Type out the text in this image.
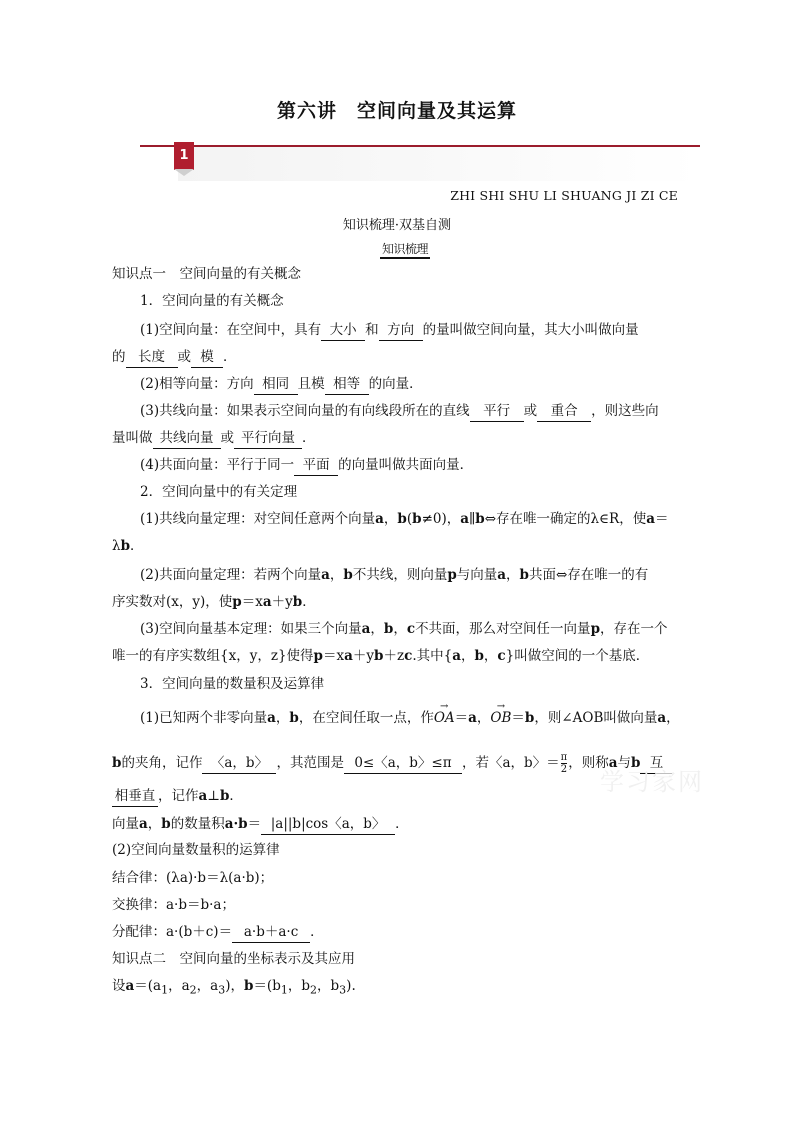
第六讲　空间向量及其运算
1
ZHI SHI SHU LI SHUANG JI ZI CE
知识梳理·双基自测
知识梳理
知识点一　空间向量的有关概念
1．空间向量的有关概念
(1)空间向量：在空间中，具有 大小 和 方向 的量叫做空间向量，其大小叫做向量
的 长度 或 模 ．
(2)相等向量：方向 相同 且模 相等 的向量．
(3)共线向量：如果表示空间向量的有向线段所在的直线 平行 或 重合 ，则这些向
量叫做 共线向量 或 平行向量 ．
(4)共面向量：平行于同一 平面 的向量叫做共面向量．
2．空间向量中的有关定理
(1)共线向量定理：对空间任意两个向量a，b(b≠0)，a∥b⇔存在唯一确定的λ∈R，使a＝
λb．
(2)共面向量定理：若两个向量a，b不共线，则向量p与向量a，b共面⇔存在唯一的有
序实数对(x，y)，使p＝xa＋yb．
(3)空间向量基本定理：如果三个向量a，b，c不共面，那么对空间任一向量p，存在一个
唯一的有序实数组{x，y，z}使得p＝xa＋yb＋zc.其中{a，b，c}叫做空间的一个基底．
3．空间向量的数量积及运算律
(1)已知两个非零向量a，b，在空间任取一点，作→ OA＝a，→ OB＝b，则∠AOB叫做向量a，
b的夹角，记作 〈a，b〉 ，其范围是 0≤〈a，b〉≤π ，若〈a，b〉＝ $\frac{\pi}{2}$ ，则称a与b 互
相垂直 ，记作a⊥b．
向量a，b的数量积a·b＝ |a||b|cos〈a，b〉 ．
(2)空间向量数量积的运算律
结合律：(λa)·b＝λ(a·b)；
交换律：a·b＝b·a；
分配律：a·(b＋c)＝ a·b＋a·c ．
知识点二　空间向量的坐标表示及其应用
设$a=(a_1$，$a_2$，$a_3$)，$b=(b_1$，$b_2$，$b_3$).
学习家网
